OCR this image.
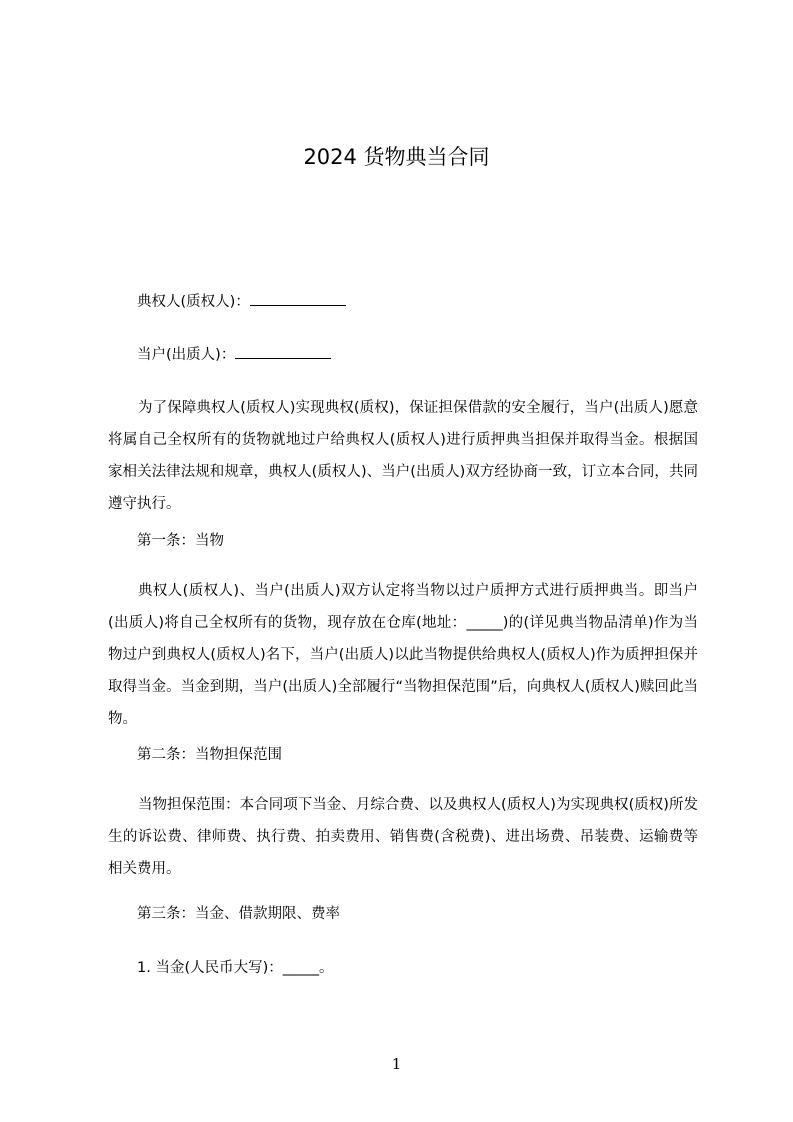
2024 货物典当合同

典权人(质权人)：

当户(出质人)：

为了保障典权人(质权人)实现典权(质权)，保证担保借款的安全履行，当户(出质人)愿意将属自己全权所有的货物就地过户给典权人(质权人)进行质押典当担保并取得当金。根据国家相关法律法规和规章，典权人(质权人)、当户(出质人)双方经协商一致，订立本合同，共同遵守执行。

第一条：当物

典权人(质权人)、当户(出质人)双方认定将当物以过户质押方式进行质押典当。即当户(出质人)将自己全权所有的货物，现存放在仓库(地址：_____)的(详见典当物品清单)作为当物过户到典权人(质权人)名下，当户(出质人)以此当物提供给典权人(质权人)作为质押担保并取得当金。当金到期，当户(出质人)全部履行“当物担保范围”后，向典权人(质权人)赎回此当物。

第二条：当物担保范围

当物担保范围：本合同项下当金、月综合费、以及典权人(质权人)为实现典权(质权)所发生的诉讼费、律师费、执行费、拍卖费用、销售费(含税费)、进出场费、吊装费、运输费等相关费用。

第三条：当金、借款期限、费率

1. 当金(人民币大写)：_____。

1
